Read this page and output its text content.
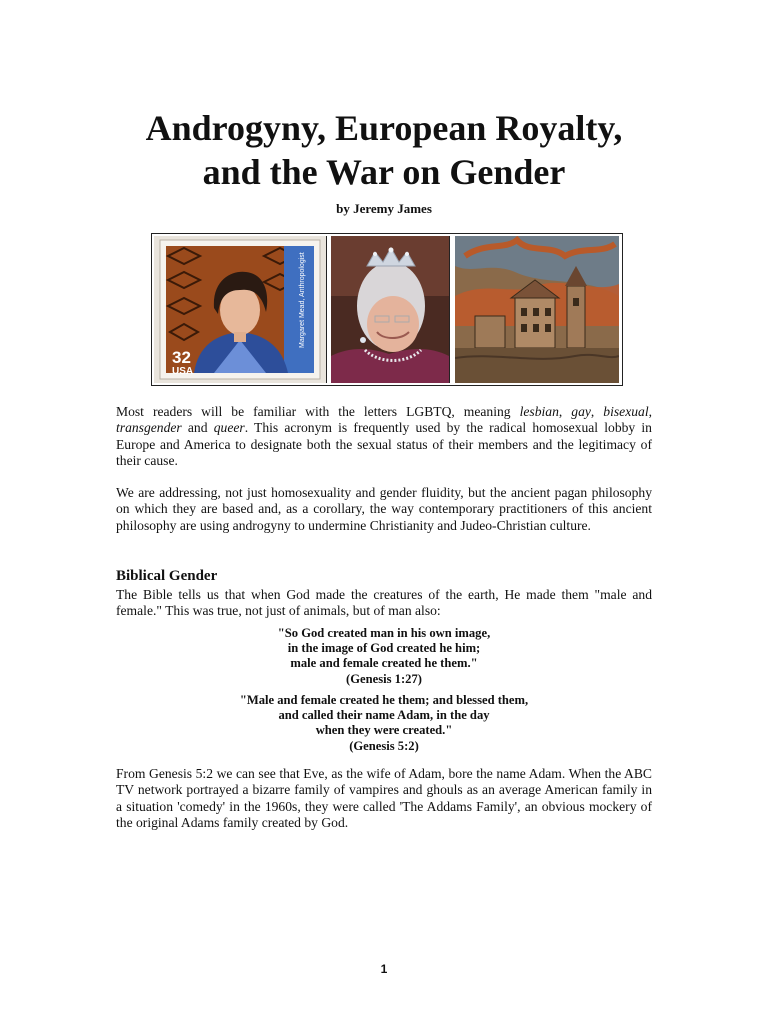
Androgyny, European Royalty,
and the War on Gender
by Jeremy James
32
USA
Margaret Mead, Anthropologist

Most readers will be familiar with the letters LGBTQ, meaning lesbian, gay, bisexual, transgender and queer. This acronym is frequently used by the radical homosexual lobby in Europe and America to designate both the sexual status of their members and the legitimacy of their cause.

We are addressing, not just homosexuality and gender fluidity, but the ancient pagan philosophy on which they are based and, as a corollary, the way contemporary practitioners of this ancient philosophy are using androgyny to undermine Christianity and Judeo-Christian culture.

Biblical Gender

The Bible tells us that when God made the creatures of the earth, He made them "male and female." This was true, not just of animals, but of man also:

"So God created man in his own image,
in the image of God created he him;
male and female created he them."
(Genesis 1:27)

"Male and female created he them; and blessed them,
and called their name Adam, in the day
when they were created."
(Genesis 5:2)

From Genesis 5:2 we can see that Eve, as the wife of Adam, bore the name Adam. When the ABC TV network portrayed a bizarre family of vampires and ghouls as an average American family in a situation 'comedy' in the 1960s, they were called 'The Addams Family', an obvious mockery of the original Adams family created by God.

1
